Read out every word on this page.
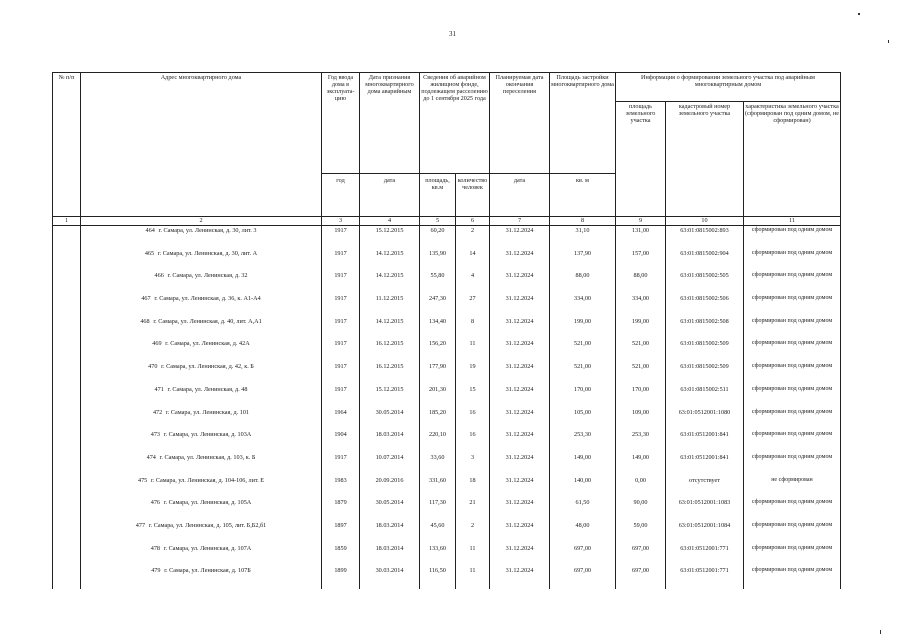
31
№ п/п	Адрес многоквартирного дома	Год ввода дома в эксплуата-цию	Дата признания многоквартирного дома аварийным	Сведения об аварийном жилищном фонде, подлежащем расселению до 1 сентября 2025 года		Планируемая дата окончания переселения	Площадь застройки многоквартирного дома	Информация о формировании земельного участка под аварийным многоквартирным домом		
								площадь земельного участка	кадастровый номер земельного участка	характеристика земельного участка (сформирован под одним домом, не сформирован)
		год	дата	площадь, кв.м	количество человек	дата	кв. м			
1	2	3	4	5	6	7	8	9	10	11
	464 г. Самара, ул. Ленинская, д. 30, лит. 3	1917	15.12.2015	60,20	2	31.12.2024	31,10	131,00	63:01:0815002:893	сформирован под одним домом
	465 г. Самара, ул. Ленинская, д. 30, лит. А	1917	14.12.2015	135,90	14	31.12.2024	137,90	157,00	63:01:0815002:904	сформирован под одним домом
	466 г. Самара, ул. Ленинская, д. 32	1917	14.12.2015	55,80	4	31.12.2024	88,00	88,00	63:01:0815002:505	сформирован под одним домом
	467 г. Самара, ул. Ленинская, д. 36, к. А1-А4	1917	11.12.2015	247,30	27	31.12.2024	334,00	334,00	63:01:0815002:506	сформирован под одним домом
	468 г. Самара, ул. Ленинская, д. 40, лит. А,А1	1917	14.12.2015	134,40	8	31.12.2024	199,00	199,00	63:01:0815002:508	сформирован под одним домом
	469 г. Самара, ул. Ленинская, д. 42А	1917	16.12.2015	156,20	11	31.12.2024	521,00	521,00	63:01:0815002:509	сформирован под одним домом
	470 г. Самара, ул. Ленинская, д. 42, к. Б	1917	16.12.2015	177,90	19	31.12.2024	521,00	521,00	63:01:0815002:509	сформирован под одним домом
	471 г. Самара, ул. Ленинская, д. 48	1917	15.12.2015	201,30	15	31.12.2024	170,00	170,00	63:01:0815002:511	сформирован под одним домом
	472 г. Самара, ул. Ленинская, д. 101	1964	30.05.2014	185,20	16	31.12.2024	105,00	109,00	63:01:0512001:1080	сформирован под одним домом
	473 г. Самара, ул. Ленинская, д. 103А	1904	18.03.2014	220,10	16	31.12.2024	253,30	253,30	63:01:0512001:841	сформирован под одним домом
	474 г. Самара, ул. Ленинская, д. 103, к. Б	1917	10.07.2014	33,60	3	31.12.2024	149,00	149,00	63:01:0512001:841	сформирован под одним домом
	475 г. Самара, ул. Ленинская, д. 104-106, лит. Е	1983	20.09.2016	331,60	18	31.12.2024	140,00	0,00	отсутствует	не сформирован
	476 г. Самара, ул. Ленинская, д. 105А	1879	30.05.2014	117,30	21	31.12.2024	61,50	90,00	63:01:0512001:1083	сформирован под одним домом
	477 г. Самара, ул. Ленинская, д. 105, лит. Б,Б2,б1	1897	18.03.2014	45,60	2	31.12.2024	48,00	59,00	63:01:0512001:1084	сформирован под одним домом
	478 г. Самара, ул. Ленинская, д. 107А	1859	18.03.2014	133,60	11	31.12.2024	697,00	697,00	63:01:0512001:771	сформирован под одним домом
	479 г. Самара, ул. Ленинская, д. 107Б	1899	30.03.2014	116,50	11	31.12.2024	697,00	697,00	63:01:0512001:771	сформирован под одним домом
